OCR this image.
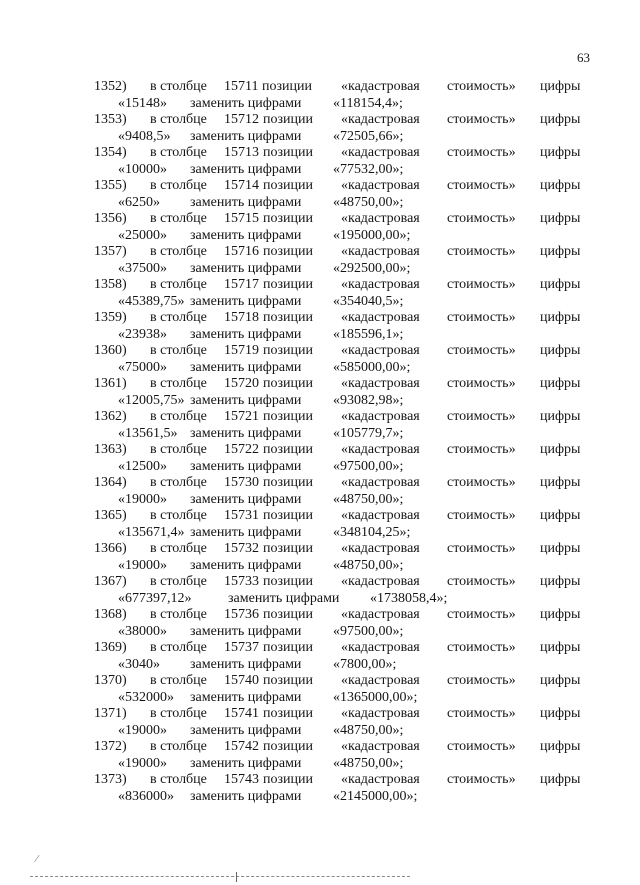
63
1352) в столбце 15711 позиции «кадастровая стоимость» цифры
«15148» заменить цифрами «118154,4»;
1353) в столбце 15712 позиции «кадастровая стоимость» цифры
«9408,5» заменить цифрами «72505,66»;
1354) в столбце 15713 позиции «кадастровая стоимость» цифры
«10000» заменить цифрами «77532,00»;
1355) в столбце 15714 позиции «кадастровая стоимость» цифры
«6250» заменить цифрами «48750,00»;
1356) в столбце 15715 позиции «кадастровая стоимость» цифры
«25000» заменить цифрами «195000,00»;
1357) в столбце 15716 позиции «кадастровая стоимость» цифры
«37500» заменить цифрами «292500,00»;
1358) в столбце 15717 позиции «кадастровая стоимость» цифры
«45389,75» заменить цифрами «354040,5»;
1359) в столбце 15718 позиции «кадастровая стоимость» цифры
«23938» заменить цифрами «185596,1»;
1360) в столбце 15719 позиции «кадастровая стоимость» цифры
«75000» заменить цифрами «585000,00»;
1361) в столбце 15720 позиции «кадастровая стоимость» цифры
«12005,75» заменить цифрами «93082,98»;
1362) в столбце 15721 позиции «кадастровая стоимость» цифры
«13561,5» заменить цифрами «105779,7»;
1363) в столбце 15722 позиции «кадастровая стоимость» цифры
«12500» заменить цифрами «97500,00»;
1364) в столбце 15730 позиции «кадастровая стоимость» цифры
«19000» заменить цифрами «48750,00»;
1365) в столбце 15731 позиции «кадастровая стоимость» цифры
«135671,4» заменить цифрами «348104,25»;
1366) в столбце 15732 позиции «кадастровая стоимость» цифры
«19000» заменить цифрами «48750,00»;
1367) в столбце 15733 позиции «кадастровая стоимость» цифры
«677397,12»	заменить цифрами «1738058,4»;
1368) в столбце 15736 позиции «кадастровая стоимость» цифры
«38000» заменить цифрами «97500,00»;
1369) в столбце 15737 позиции «кадастровая стоимость» цифры
«3040» заменить цифрами «7800,00»;
1370) в столбце 15740 позиции «кадастровая стоимость» цифры
«532000» заменить цифрами «1365000,00»;
1371) в столбце 15741 позиции «кадастровая стоимость» цифры
«19000» заменить цифрами «48750,00»;
1372) в столбце 15742 позиции «кадастровая стоимость» цифры
«19000» заменить цифрами «48750,00»;
1373) в столбце 15743 позиции «кадастровая стоимость» цифры
«836000» заменить цифрами «2145000,00»;
⁄
